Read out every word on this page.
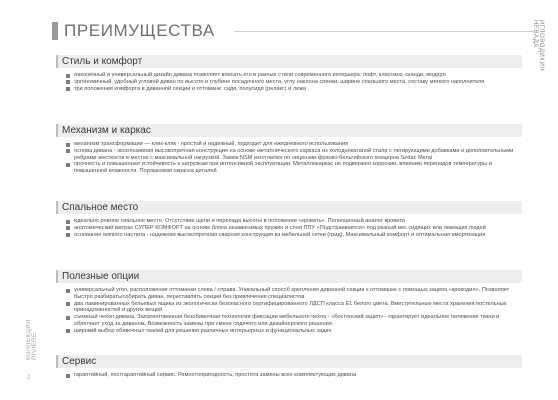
ПРЕИМУЩЕСТВА	ИГЛОВОДИКИН НЕВАДА
КОЛЛЕКЦИЯ RIVIERE
2
Стиль и комфорт
лаконичный и универсальный дизайн дивана позволяет вписать его в разные стили современного интерьера: лофт, классика, сканди, модерн
эргономичный, удобный угловой диван по высоте и глубине посадочного места, углу наклона спинки, ширине спального места, составу мягкого наполнителя
три положения комфорта в диванной секции и оттомане: сидя, полусидя (релакс) и лежа
Механизм и каркас
механизм трансформации — клик-кляк - простой и надежный, подходит для ежедневного использования
основа дивана - эксклюзивная высокопрочная конструкция на основе металлического каркаса из холоднокатаной стали с легирующими добавками и дополнительными ребрами жесткости в местах с максимальной нагрузкой. Замок NSM изготовлен по лицензии франко-бельгийского концерна Sedac Meral
прочность и повышенная устойчивость к нагрузкам при интенсивной эксплуатации. Металлокаркас не подвержен коррозии, влиянию перепадов температуры и повышенной влажности. Порошковая окраска деталей
Спальное место
идеально ровное спальное место. Отсутствие щели и перепада высоты в положении «кровать». Полноценный аналог кровати
анатомический матрас СУПЕР КОМФОРТ на основе блока независимых пружин и слоя ППУ «Подстраивается» под разный вес сидящих или лежащих людей
основание мягкого настила - надежная высокопрочная сварная конструкция из мебельной сетки (грид). Максимальный комфорт и оптимальная амортизация
Полезные опции
универсальный угол, расположение оттоманки слева / справа. Уникальный способ крепления диванной секции к оттоманке с помощью зацепа «крокодил». Позволяет быстро разбирать/собирать диван, переставлять секции без привлечения специалистов
два ламинированных бельевых ящика из экологически безопасного сертифицированного ЛДСП класса Е1 белого цвета. Вместительные места хранения постельных принадлежностей и других вещей
съемный чехол дивана. Запатентованная безобивочная технология фиксации мебельного чехла - «бостонский зацеп» - гарантирует идеальное натяжение ткани и облегчает уход за диваном. Возможность замены при смене сидячего или дизайнерского решения
широкий выбор обивочных тканей для решения различных интерьерных и функциональных задач
Сервис
гарантийный, постгарантийный сервис. Ремонтопригодность, простота замены всех комплектующих дивана
